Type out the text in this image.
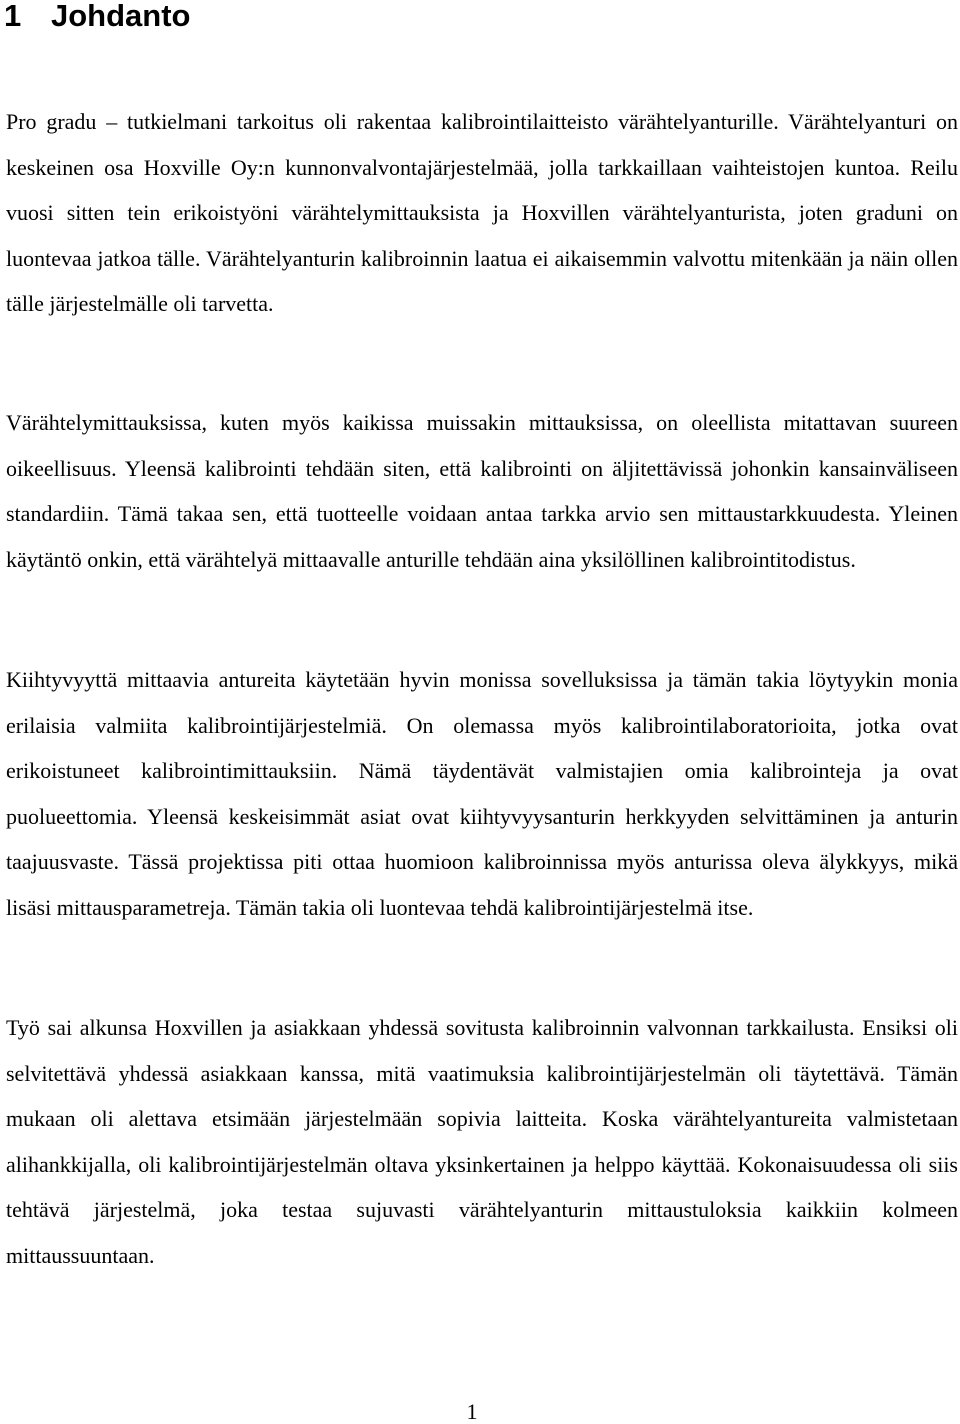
1 Johdanto

Pro gradu – tutkielmani tarkoitus oli rakentaa kalibrointilaitteisto värähtelyanturille. Värähtelyanturi on keskeinen osa Hoxville Oy:n kunnonvalvontajärjestelmää, jolla tarkkaillaan vaihteistojen kuntoa. Reilu vuosi sitten tein erikoistyöni värähtelymittauksista ja Hoxvillen värähtelyanturista, joten graduni on luontevaa jatkoa tälle. Värähtelyanturin kalibroinnin laatua ei aikaisemmin valvottu mitenkään ja näin ollen tälle järjestelmälle oli tarvetta.

Värähtelymittauksissa, kuten myös kaikissa muissakin mittauksissa, on oleellista mitattavan suureen oikeellisuus. Yleensä kalibrointi tehdään siten, että kalibrointi on äljitettävissä johonkin kansainväliseen standardiin. Tämä takaa sen, että tuotteelle voidaan antaa tarkka arvio sen mittaustarkkuudesta. Yleinen käytäntö onkin, että värähtelyä mittaavalle anturille tehdään aina yksilöllinen kalibrointitodistus.

Kiihtyvyyttä mittaavia antureita käytetään hyvin monissa sovelluksissa ja tämän takia löytyykin monia erilaisia valmiita kalibrointijärjestelmiä. On olemassa myös kalibrointilaboratorioita, jotka ovat erikoistuneet kalibrointimittauksiin. Nämä täydentävät valmistajien omia kalibrointeja ja ovat puolueettomia. Yleensä keskeisimmät asiat ovat kiihtyvyysanturin herkkyyden selvittäminen ja anturin taajuusvaste. Tässä projektissa piti ottaa huomioon kalibroinnissa myös anturissa oleva älykkyys, mikä lisäsi mittausparametreja. Tämän takia oli luontevaa tehdä kalibrointijärjestelmä itse.

Työ sai alkunsa Hoxvillen ja asiakkaan yhdessä sovitusta kalibroinnin valvonnan tarkkailusta. Ensiksi oli selvitettävä yhdessä asiakkaan kanssa, mitä vaatimuksia kalibrointijärjestelmän oli täytettävä. Tämän mukaan oli alettava etsimään järjestelmään sopivia laitteita. Koska värähtelyantureita valmistetaan alihankkijalla, oli kalibrointijärjestelmän oltava yksinkertainen ja helppo käyttää. Kokonaisuudessa oli siis tehtävä järjestelmä, joka testaa sujuvasti värähtelyanturin mittaustuloksia kaikkiin kolmeen mittaussuuntaan.

1
